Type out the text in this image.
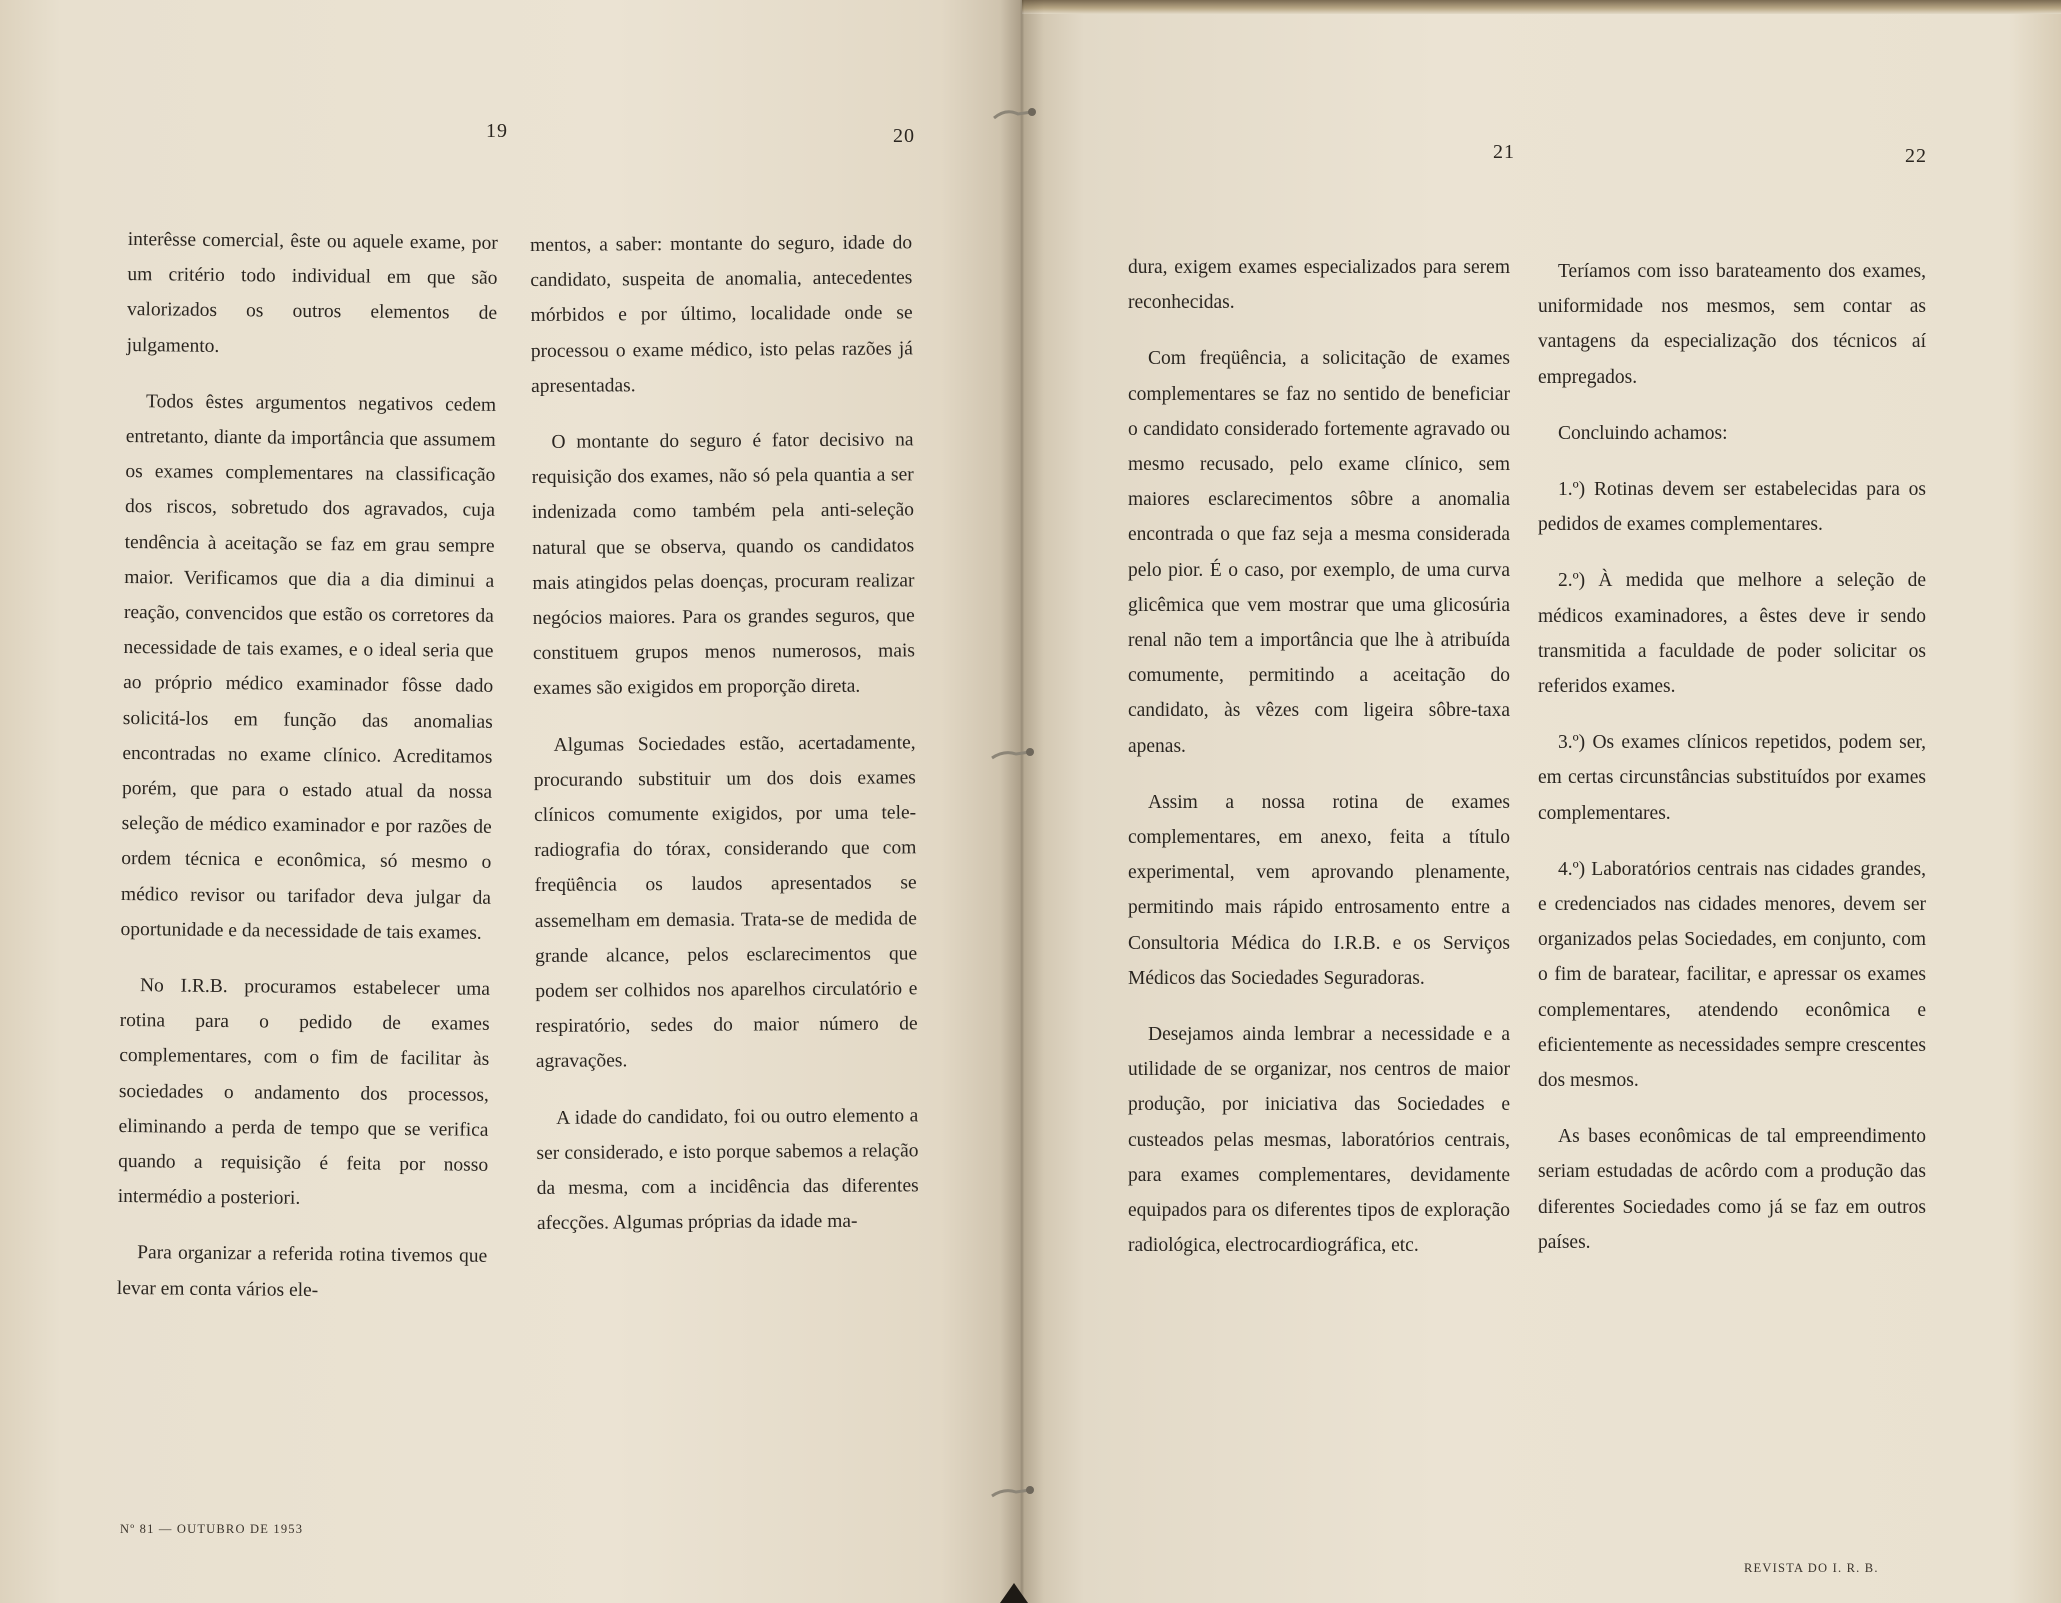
19	20
21	22

interêsse comercial, êste ou aquele exame, por um critério todo individual em que são valorizados os outros elementos de julgamento.

Todos êstes argumentos negativos cedem entretanto, diante da importância que assumem os exames complementares na classificação dos riscos, sobretudo dos agravados, cuja tendência à aceitação se faz em grau sempre maior. Verificamos que dia a dia diminui a reação, convencidos que estão os corretores da necessidade de tais exames, e o ideal seria que ao próprio médico examinador fôsse dado solicitá-los em função das anomalias encontradas no exame clínico. Acreditamos porém, que para o estado atual da nossa seleção de médico examinador e por razões de ordem técnica e econômica, só mesmo o médico revisor ou tarifador deva julgar da oportunidade e da necessidade de tais exames.

No I.R.B. procuramos estabelecer uma rotina para o pedido de exames complementares, com o fim de facilitar às sociedades o andamento dos processos, eliminando a perda de tempo que se verifica quando a requisição é feita por nosso intermédio a posteriori.

Para organizar a referida rotina tivemos que levar em conta vários ele-

mentos, a saber: montante do seguro, idade do candidato, suspeita de anomalia, antecedentes mórbidos e por último, localidade onde se processou o exame médico, isto pelas razões já apresentadas.

O montante do seguro é fator decisivo na requisição dos exames, não só pela quantia a ser indenizada como também pela anti-seleção natural que se observa, quando os candidatos mais atingidos pelas doenças, procuram realizar negócios maiores. Para os grandes seguros, que constituem grupos menos numerosos, mais exames são exigidos em proporção direta.

Algumas Sociedades estão, acertadamente, procurando substituir um dos dois exames clínicos comumente exigidos, por uma tele-radiografia do tórax, considerando que com freqüência os laudos apresentados se assemelham em demasia. Trata-se de medida de grande alcance, pelos esclarecimentos que podem ser colhidos nos aparelhos circulatório e respiratório, sedes do maior número de agravações.

A idade do candidato, foi ou outro elemento a ser considerado, e isto porque sabemos a relação da mesma, com a incidência das diferentes afecções. Algumas próprias da idade ma-

dura, exigem exames especializados para serem reconhecidas.

Com freqüência, a solicitação de exames complementares se faz no sentido de beneficiar o candidato considerado fortemente agravado ou mesmo recusado, pelo exame clínico, sem maiores esclarecimentos sôbre a anomalia encontrada o que faz seja a mesma considerada pelo pior. É o caso, por exemplo, de uma curva glicêmica que vem mostrar que uma glicosúria renal não tem a importância que lhe à atribuída comumente, permitindo a aceitação do candidato, às vêzes com ligeira sôbre-taxa apenas.

Assim a nossa rotina de exames complementares, em anexo, feita a título experimental, vem aprovando plenamente, permitindo mais rápido entrosamento entre a Consultoria Médica do I.R.B. e os Serviços Médicos das Sociedades Seguradoras.

Desejamos ainda lembrar a necessidade e a utilidade de se organizar, nos centros de maior produção, por iniciativa das Sociedades e custeados pelas mesmas, laboratórios centrais, para exames complementares, devidamente equipados para os diferentes tipos de exploração radiológica, electrocardiográfica, etc.

Teríamos com isso barateamento dos exames, uniformidade nos mesmos, sem contar as vantagens da especialização dos técnicos aí empregados.

Concluindo achamos:

1.º) Rotinas devem ser estabelecidas para os pedidos de exames complementares.

2.º) À medida que melhore a seleção de médicos examinadores, a êstes deve ir sendo transmitida a faculdade de poder solicitar os referidos exames.

3.º) Os exames clínicos repetidos, podem ser, em certas circunstâncias substituídos por exames complementares.

4.º) Laboratórios centrais nas cidades grandes, e credenciados nas cidades menores, devem ser organizados pelas Sociedades, em conjunto, com o fim de baratear, facilitar, e apressar os exames complementares, atendendo econômica e eficientemente as necessidades sempre crescentes dos mesmos.

As bases econômicas de tal empreendimento seriam estudadas de acôrdo com a produção das diferentes Sociedades como já se faz em outros países.

Nº 81 — OUTUBRO DE 1953
REVISTA DO I. R. B.
